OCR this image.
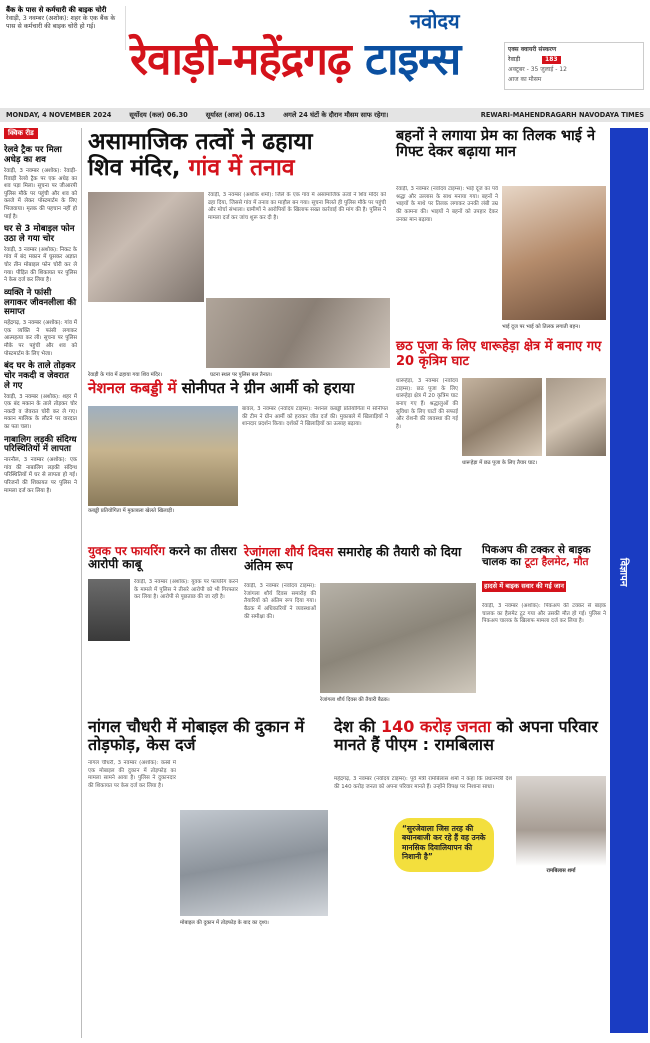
बैंक के पास से कर्मचारी की बाइक चोरी
रेवाड़ी, 3 नवम्बर (अशोक): शहर के एक बैंक के पास से कर्मचारी की बाइक चोरी हो गई।
रेवाड़ी-महेंद्रगढ़
नवोदय
टाइम्स	एक्स क्वायरी संस्करण
रेवाड़ी	183
अक्टूबर - 35 जुलाई - 12
आज का मौसम
MONDAY, 4 NOVEMBER 2024	सूर्योदय (कल) 06.30	सूर्यास्त (आज) 06.13	अगले 24 घंटों के दौरान मौसम साफ रहेगा।	REWARI-MAHENDRAGARH NAVODAYA TIMES
क्विक रीड
रेलवे ट्रैक पर मिला अधेड़ का शव
रेवाड़ी, 3 नवम्बर (अशोक): रेवाड़ी-रिवाड़ी रेलवे ट्रैक पर एक अधेड़ का शव पड़ा मिला। सूचना पर जीआरपी पुलिस मौके पर पहुंची और शव को कब्जे में लेकर पोस्टमार्टम के लिए भिजवाया। मृतक की पहचान नहीं हो पाई है।
घर से 3 मोबाइल फोन उठा ले गया चोर
रेवाड़ी, 3 नवम्बर (अशोक): निकट के गांव में बंद मकान में घुसकर अज्ञात चोर तीन मोबाइल फोन चोरी कर ले गया। पीड़ित की शिकायत पर पुलिस ने केस दर्ज कर लिया है।
व्यक्ति ने फांसी लगाकर जीवनलीला की समाप्त
महेंद्रगढ़, 3 नवम्बर (अशोक): गांव में एक व्यक्ति ने फांसी लगाकर आत्महत्या कर ली। सूचना पर पुलिस मौके पर पहुंची और शव को पोस्टमार्टम के लिए भेजा।
बंद घर के ताले तोड़कर चोर नकदी व जेवरात ले गए
रेवाड़ी, 3 नवम्बर (अशोक): शहर में एक बंद मकान के ताले तोड़कर चोर नकदी व जेवरात चोरी कर ले गए। मकान मालिक के लौटने पर वारदात का पता चला।
नाबालिग लड़की संदिग्ध परिस्थितियों में लापता
नारनौल, 3 नवम्बर (अशोक): एक गांव की नाबालिग लड़की संदिग्ध परिस्थितियों में घर से लापता हो गई। परिजनों की शिकायत पर पुलिस ने मामला दर्ज कर लिया है।
असामाजिक तत्वों ने ढहाया
शिव मंदिर, गांव में तनाव
रेवाड़ी, 3 नवम्बर (अशोक शर्मा): जिले के एक गांव में असामाजिक तत्वों ने शिव मंदिर को ढहा दिया, जिससे गांव में तनाव का माहौल बन गया। सूचना मिलते ही पुलिस मौके पर पहुंची और मोर्चा संभाला। ग्रामीणों ने आरोपियों के खिलाफ सख्त कार्रवाई की मांग की है। पुलिस ने मामला दर्ज कर जांच शुरू कर दी है।
रेवाड़ी के गांव में ढहाया गया शिव मंदिर।	घटना स्थल पर पुलिस बल तैनात।
बहनों ने लगाया प्रेम का तिलक भाई ने गिफ्ट देकर बढ़ाया मान
रेवाड़ी, 3 नवम्बर (नवोदय टाइम्स): भाई दूज का पर्व श्रद्धा और उल्लास के साथ मनाया गया। बहनों ने भाइयों के माथे पर तिलक लगाकर उनकी लंबी उम्र की कामना की। भाइयों ने बहनों को उपहार देकर उनका मान बढ़ाया।
भाई दूज पर भाई को तिलक लगाती बहन।
छठ पूजा के लिए धारूहेड़ा क्षेत्र में बनाए गए 20 कृत्रिम घाट
धारूहेड़ा, 3 नवम्बर (नवोदय टाइम्स): छठ पूजा के लिए धारूहेड़ा क्षेत्र में 20 कृत्रिम घाट बनाए गए हैं। श्रद्धालुओं की सुविधा के लिए घाटों की सफाई और रोशनी की व्यवस्था की गई है।
धारूहेड़ा में छठ पूजा के लिए तैयार घाट।
नेशनल कबड्डी में सोनीपत ने ग्रीन आर्मी को हराया
बावल, 3 नवम्बर (नवोदय टाइम्स): नेशनल कबड्डी प्रतियोगिता में सोनीपत की टीम ने ग्रीन आर्मी को हराकर जीत दर्ज की। मुकाबले में खिलाड़ियों ने शानदार प्रदर्शन किया। दर्शकों ने खिलाड़ियों का उत्साह बढ़ाया।
कबड्डी प्रतियोगिता में मुकाबला खेलते खिलाड़ी।
युवक पर फायरिंग करने का तीसरा आरोपी काबू
रेवाड़ी, 3 नवम्बर (अशोक): युवक पर फायरिंग करने के मामले में पुलिस ने तीसरे आरोपी को भी गिरफ्तार कर लिया है। आरोपी से पूछताछ की जा रही है।
रेजांगला शौर्य दिवस समारोह की तैयारी को दिया अंतिम रूप
रेवाड़ी, 3 नवम्बर (नवोदय टाइम्स): रेजांगला शौर्य दिवस समारोह की तैयारियों को अंतिम रूप दिया गया। बैठक में अधिकारियों ने व्यवस्थाओं की समीक्षा की।
रेजांगला शौर्य दिवस की तैयारी बैठक।
पिकअप की टक्कर से बाइक
चालक का टूटा हैलमेट, मौत
हादसे में बाइक सवार की गई जान
रेवाड़ी, 3 नवम्बर (अशोक): पिकअप की टक्कर से बाइक चालक का हैलमेट टूट गया और उसकी मौत हो गई। पुलिस ने पिकअप चालक के खिलाफ मामला दर्ज कर लिया है।
नांगल चौधरी में मोबाइल की दुकान में तोड़फोड़, केस दर्ज
नांगल चौधरी, 3 नवम्बर (अशोक): कस्बे में एक मोबाइल की दुकान में तोड़फोड़ का मामला सामने आया है। पुलिस ने दुकानदार की शिकायत पर केस दर्ज कर लिया है।
मोबाइल की दुकान में तोड़फोड़ के बाद का दृश्य।
देश की 140 करोड़ जनता को अपना परिवार मानते हैं पीएम : रामबिलास
महेंद्रगढ़, 3 नवम्बर (नवोदय टाइम्स): पूर्व मंत्री रामबिलास शर्मा ने कहा कि प्रधानमंत्री देश की 140 करोड़ जनता को अपना परिवार मानते हैं। उन्होंने विपक्ष पर निशाना साधा।
“सुरजेवाला जिस तरह की बयानबाजी कर रहे हैं वह उनके मानसिक दिवालियापन की निशानी है”
रामबिलास शर्मा
विज्ञापन
